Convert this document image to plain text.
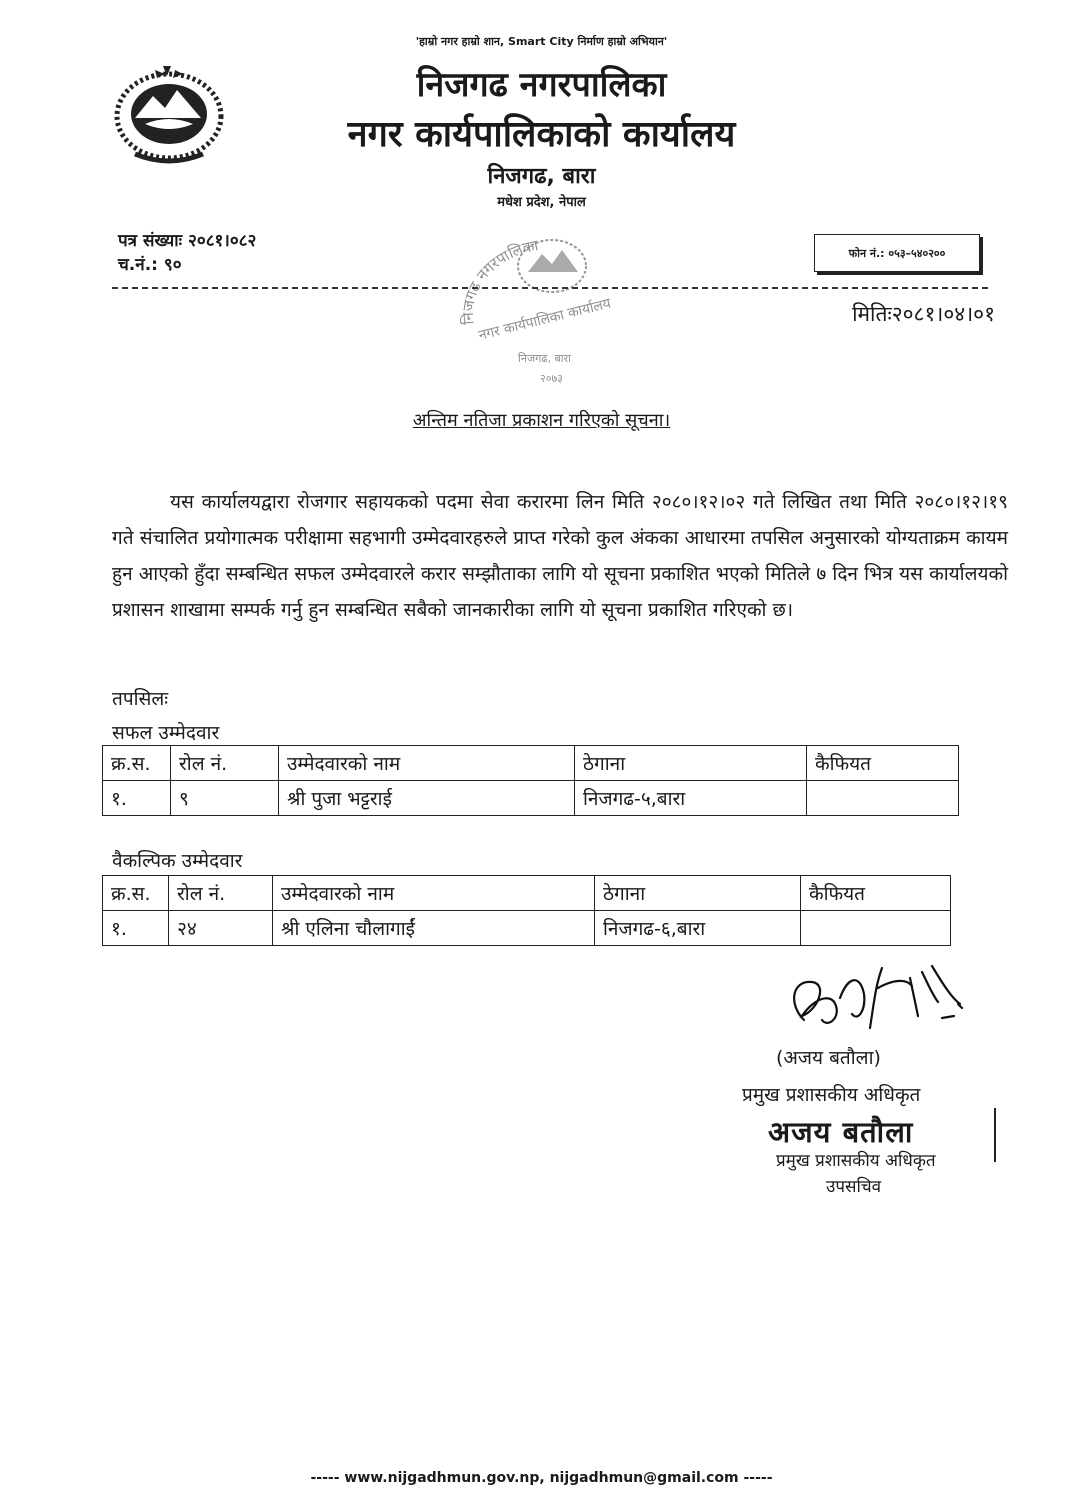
'हाम्रो नगर हाम्रो शान, Smart City निर्माण हाम्रो अभियान'
निजगढ नगरपालिका
नगर कार्यपालिकाको कार्यालय
निजगढ, बारा
मधेश प्रदेश, नेपाल
पत्र संख्याः २०८१।०८२
च.नं.: ९०
फोन नं.: ०५३–५४०२००
निजगढ नगरपालिका
नगर कार्यपालिका कार्यालय
निजगढ, बारा
२०७३
मितिः२०८१।०४।०१
अन्तिम नतिजा प्रकाशन गरिएको सूचना।
यस कार्यालयद्वारा रोजगार सहायकको पदमा सेवा करारमा लिन मिति २०८०।१२।०२ गते लिखित तथा मिति २०८०।१२।१९ गते संचालित प्रयोगात्मक परीक्षामा सहभागी उम्मेदवारहरुले प्राप्त गरेको कुल अंकका आधारमा तपसिल अनुसारको योग्यताक्रम कायम हुन आएको हुँदा सम्बन्धित सफल उम्मेदवारले करार सम्झौताका लागि यो सूचना प्रकाशित भएको मितिले ७ दिन भित्र यस कार्यालयको प्रशासन शाखामा सम्पर्क गर्नु हुन सम्बन्धित सबैको जानकारीका लागि यो सूचना प्रकाशित गरिएको छ।
तपसिलः
सफल उम्मेदवार
क्र.स.	रोल नं.	उम्मेदवारको नाम	ठेगाना	कैफियत
१.	९	श्री पुजा भट्टराई	निजगढ-५,बारा	
वैकल्पिक उम्मेदवार
क्र.स.	रोल नं.	उम्मेदवारको नाम	ठेगाना	कैफियत
१.	२४	श्री एलिना चौलागाईं	निजगढ-६,बारा	
(अजय बतौला)
प्रमुख प्रशासकीय अधिकृत
अजय बतौला
प्रमुख प्रशासकीय अधिकृत
उपसचिव
----- www.nijgadhmun.gov.np, nijgadhmun@gmail.com -----
